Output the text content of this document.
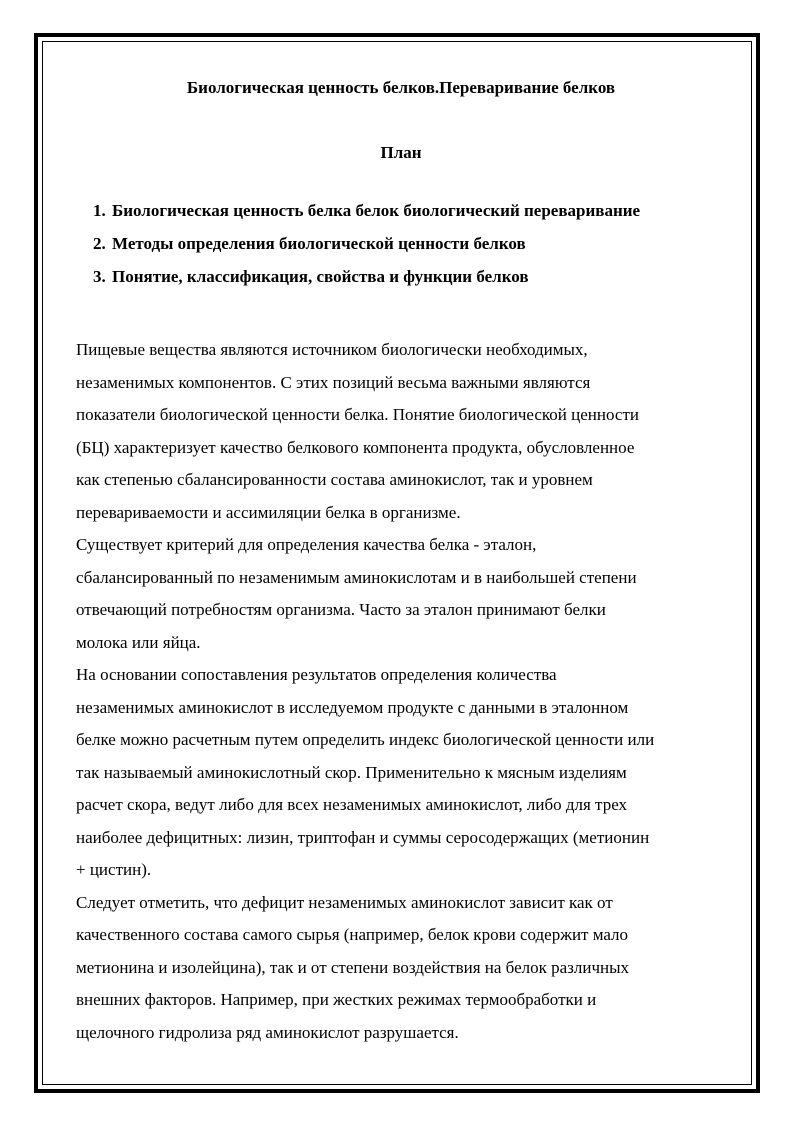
Биологическая ценность белков.Переваривание белков
План
1. Биологическая ценность белка белок биологический переваривание
2. Методы определения биологической ценности белков
3. Понятие, классификация, свойства и функции белков

Пищевые вещества являются источником биологически необходимых,
незаменимых компонентов. С этих позиций весьма важными являются
показатели биологической ценности белка. Понятие биологической ценности
(БЦ) характеризует качество белкового компонента продукта, обусловленное
как степенью сбалансированности состава аминокислот, так и уровнем
перевариваемости и ассимиляции белка в организме.

Существует критерий для определения качества белка - эталон,
сбалансированный по незаменимым аминокислотам и в наибольшей степени
отвечающий потребностям организма. Часто за эталон принимают белки
молока или яйца.

На основании сопоставления результатов определения количества
незаменимых аминокислот в исследуемом продукте с данными в эталонном
белке можно расчетным путем определить индекс биологической ценности или
так называемый аминокислотный скор. Применительно к мясным изделиям
расчет скора, ведут либо для всех незаменимых аминокислот, либо для трех
наиболее дефицитных: лизин, триптофан и суммы серосодержащих (метионин
+ цистин).

Следует отметить, что дефицит незаменимых аминокислот зависит как от
качественного состава самого сырья (например, белок крови содержит мало
метионина и изолейцина), так и от степени воздействия на белок различных
внешних факторов. Например, при жестких режимах термообработки и
щелочного гидролиза ряд аминокислот разрушается.
